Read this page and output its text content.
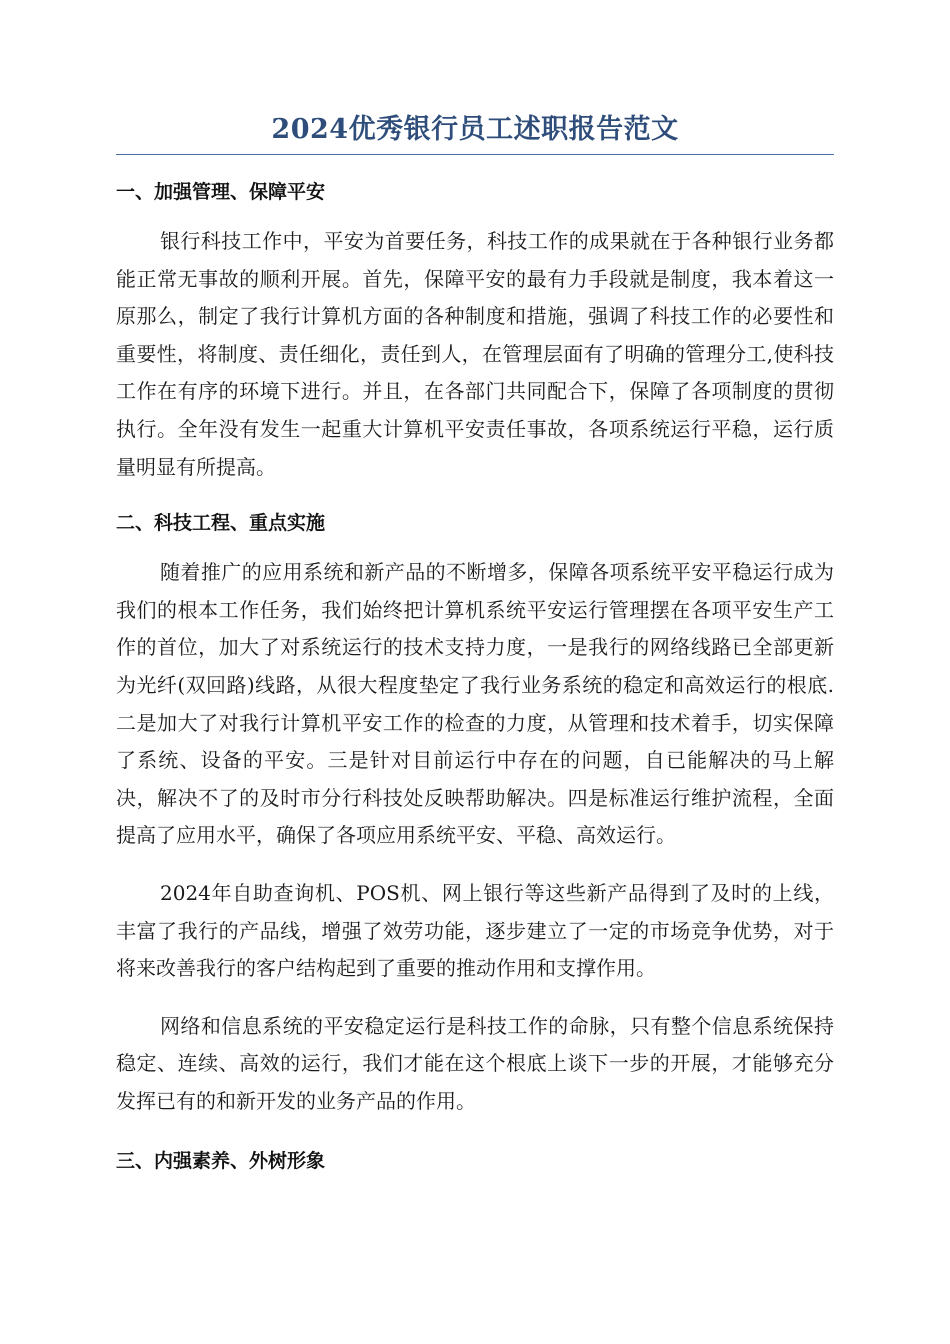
2024优秀银行员工述职报告范文
一、加强管理、保障平安

银行科技工作中，平安为首要任务，科技工作的成果就在于各种银行业务都能正常无事故的顺利开展。首先，保障平安的最有力手段就是制度，我本着这一原那么，制定了我行计算机方面的各种制度和措施，强调了科技工作的必要性和重要性，将制度、责任细化，责任到人，在管理层面有了明确的管理分工,使科技工作在有序的环境下进行。并且，在各部门共同配合下，保障了各项制度的贯彻执行。全年没有发生一起重大计算机平安责任事故，各项系统运行平稳，运行质量明显有所提高。

二、科技工程、重点实施

随着推广的应用系统和新产品的不断增多，保障各项系统平安平稳运行成为我们的根本工作任务，我们始终把计算机系统平安运行管理摆在各项平安生产工作的首位，加大了对系统运行的技术支持力度，一是我行的网络线路已全部更新为光纤(双回路)线路，从很大程度垫定了我行业务系统的稳定和高效运行的根底.二是加大了对我行计算机平安工作的检查的力度，从管理和技术着手，切实保障了系统、设备的平安。三是针对目前运行中存在的问题，自已能解决的马上解决，解决不了的及时市分行科技处反映帮助解决。四是标准运行维护流程，全面提高了应用水平，确保了各项应用系统平安、平稳、高效运行。

2024年自助查询机、POS机、网上银行等这些新产品得到了及时的上线，丰富了我行的产品线，增强了效劳功能，逐步建立了一定的市场竞争优势，对于将来改善我行的客户结构起到了重要的推动作用和支撑作用。

网络和信息系统的平安稳定运行是科技工作的命脉，只有整个信息系统保持稳定、连续、高效的运行，我们才能在这个根底上谈下一步的开展，才能够充分发挥已有的和新开发的业务产品的作用。

三、内强素养、外树形象
